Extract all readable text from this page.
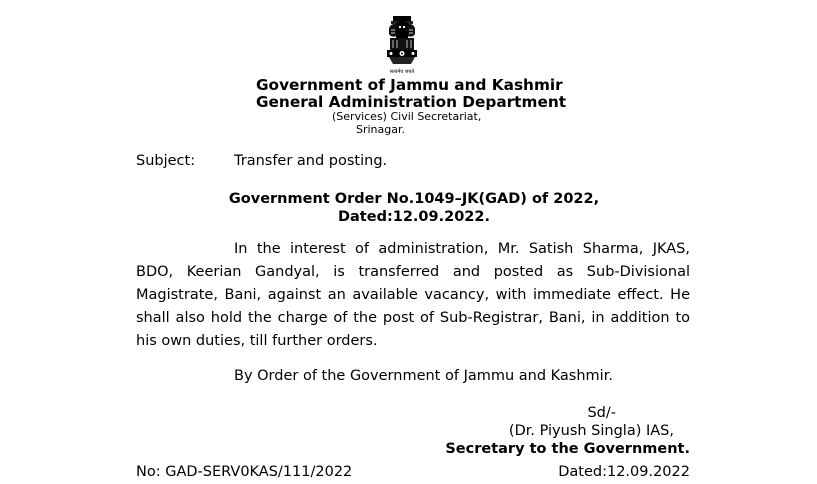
सत्यमेव जयते
Government of Jammu and Kashmir
General Administration Department
(Services) Civil Secretariat,
Srinagar.
Subject:	Transfer and posting.
Government Order No.1049–JK(GAD) of 2022,
Dated:12.09.2022.
In the interest of administration, Mr. Satish Sharma, JKAS, BDO, Keerian Gandyal, is transferred and posted as Sub-Divisional Magistrate, Bani, against an available vacancy, with immediate effect. He shall also hold the charge of the post of Sub-Registrar, Bani, in addition to his own duties, till further orders.
By Order of the Government of Jammu and Kashmir.
Sd/-
(Dr. Piyush Singla) IAS,
Secretary to the Government.
No: GAD-SERV0KAS/111/2022	Dated:12.09.2022
